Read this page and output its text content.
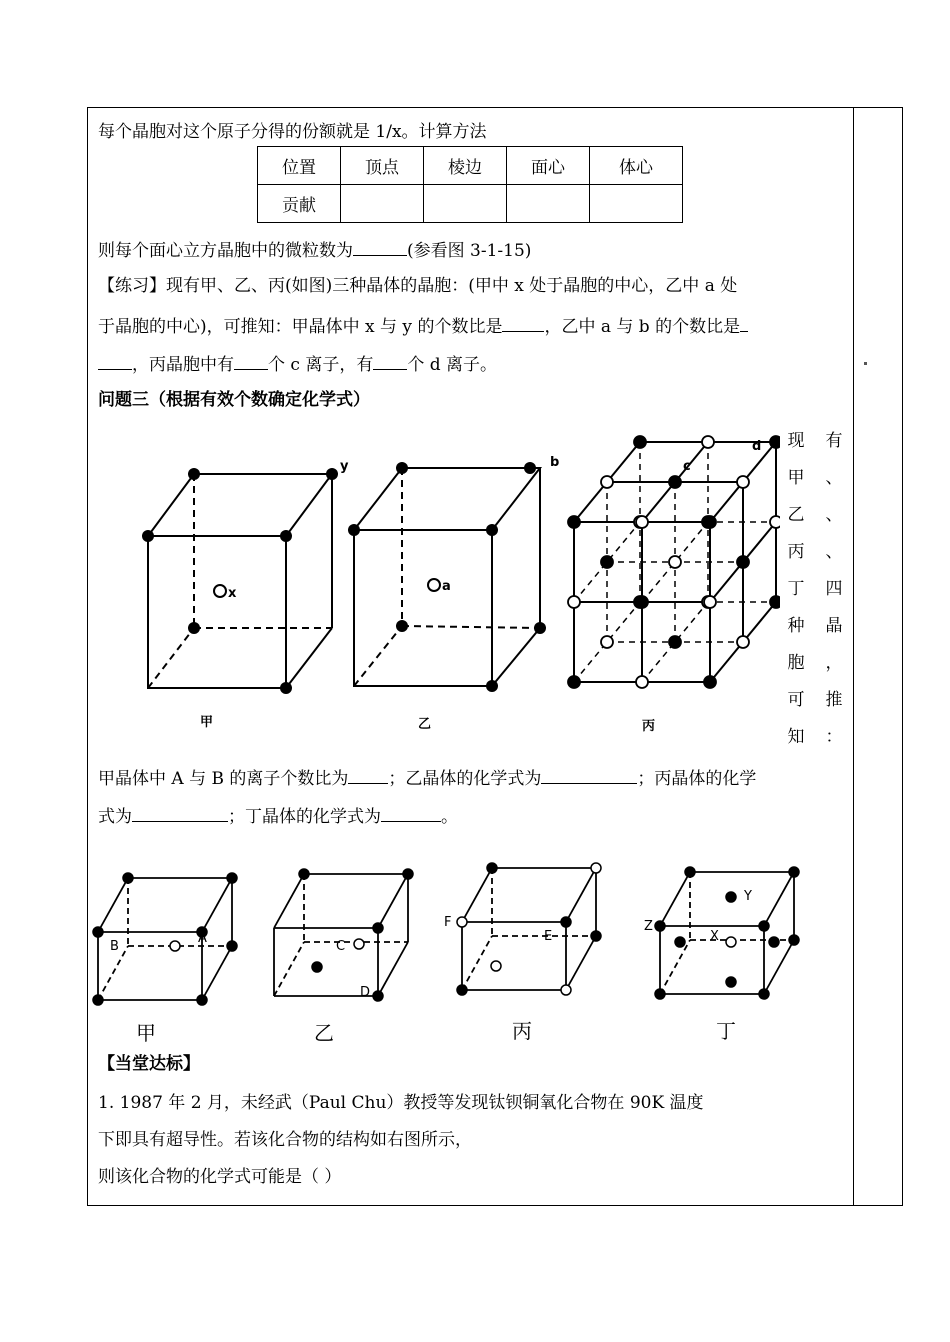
每个晶胞对这个原子分得的份额就是 1/x。计算方法
位置	顶点	棱边	面心	体心
贡献				
则每个面心立方晶胞中的微粒数为	(参看图 3-1-15)
【练习】现有甲、乙、丙(如图)三种晶体的晶胞：(甲中 x 处于晶胞的中心，乙中 a 处
于晶胞的中心)，可推知：甲晶体中 x 与 y 的个数比是 ，乙中 a 与 b 的个数比是
，丙晶胞中有 个 c 离子，有 个 d 离子。
问题三（根据有效个数确定化学式）
现 有
甲 、
乙 、
丙 、
丁 四
种 晶
胞 ，
可 推
知 ：
x
y
甲
a
b
乙
c
d
丙
甲晶体中 A 与 B 的离子个数比为 ；乙晶体的化学式为	；丙晶体的化学
式为	；丁晶体的化学式为	。
A
B	C
D
E
F
Y
X
Z
甲	乙	丙	丁
【当堂达标】
1. 1987 年 2 月，未经武（Paul Chu）教授等发现钛钡铜氧化合物在 90K 温度
下即具有超导性。若该化合物的结构如右图所示，
则该化合物的化学式可能是（ ）
